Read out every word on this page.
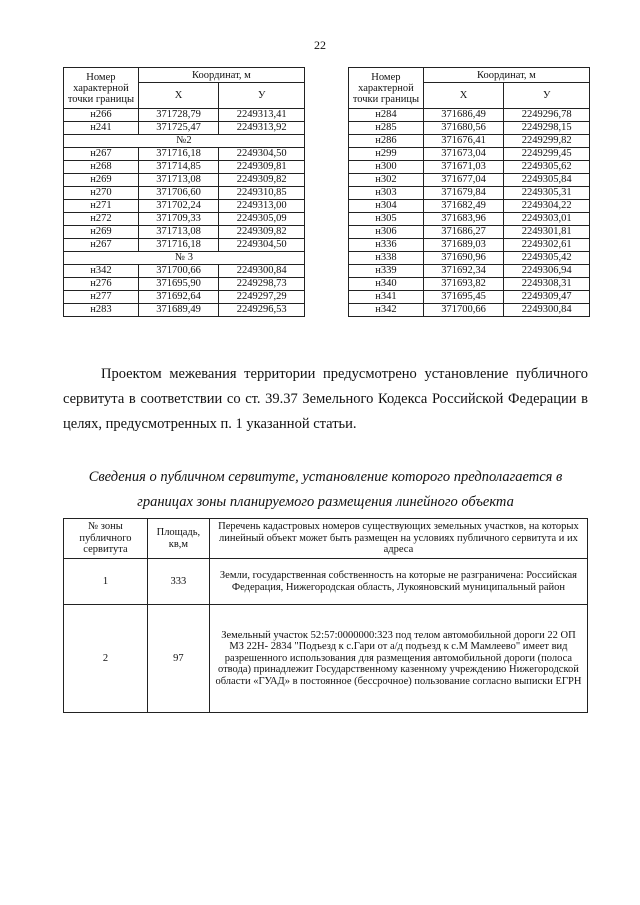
22
Номер характерной точки границы	Координат, м	
	X	У
н266	371728,79	2249313,41
н241	371725,47	2249313,92
№2		
н267	371716,18	2249304,50
н268	371714,85	2249309,81
н269	371713,08	2249309,82
н270	371706,60	2249310,85
н271	371702,24	2249313,00
н272	371709,33	2249305,09
н269	371713,08	2249309,82
н267	371716,18	2249304,50
№ 3		
н342	371700,66	2249300,84
н276	371695,90	2249298,73
н277	371692,64	2249297,29
н283	371689,49	2249296,53
Номер характерной точки границы	Координат, м	
	X	У
н284	371686,49	2249296,78
н285	371680,56	2249298,15
н286	371676,41	2249299,82
н299	371673,04	2249299,45
н300	371671,03	2249305,62
н302	371677,04	2249305,84
н303	371679,84	2249305,31
н304	371682,49	2249304,22
н305	371683,96	2249303,01
н306	371686,27	2249301,81
н336	371689,03	2249302,61
н338	371690,96	2249305,42
н339	371692,34	2249306,94
н340	371693,82	2249308,31
н341	371695,45	2249309,47
н342	371700,66	2249300,84
Проектом межевания территории предусмотрено установление публичного сервитута в соответствии со ст. 39.37 Земельного Кодекса Российской Федерации в целях, предусмотренных п. 1 указанной статьи.
Сведения о публичном сервитуте, установление которого предполагается в
границах зоны планируемого размещения линейного объекта
№ зоны публичного сервитута	Площадь, кв,м	Перечень кадастровых номеров существующих земельных участков, на которых линейный объект может быть размещен на условиях публичного сервитута и их адреса
1	333	Земли, государственная собственность на которые не разграничена: Российская Федерация, Нижегородская область, Лукояновский муниципальный район
2	97	Земельный участок 52:57:0000000:323 под телом автомобильной дороги 22 ОП МЗ 22Н- 2834 "Подъезд к с.Гари от а/д подъезд к с.М Мамлеево" имеет вид разрешенного использования для размещения автомобильной дороги (полоса отвода) принадлежит Государственному казенному учреждению Нижегородской области «ГУАД» в постоянное (бессрочное) пользование согласно выписки ЕГРН
